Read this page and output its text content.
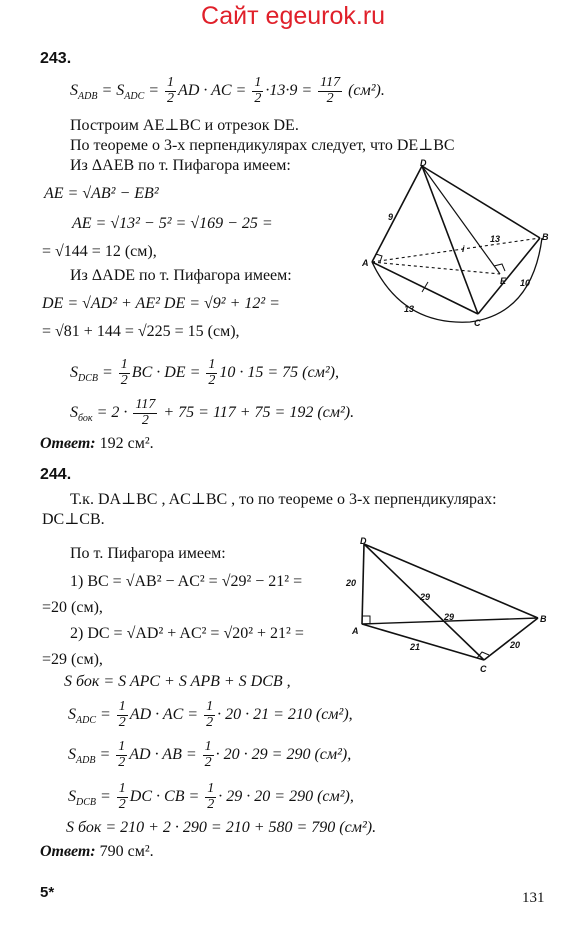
Сайт egeurok.ru
243.
$S_{ADB} = S_{ADC} = \frac{1}{2}$ AD · AC = $\frac{1}{2} \cdot 13\cdot 9 = \frac{117}{2} (см^2)$.
Построим AE⊥BC и отрезок DE.
По теореме о 3-х перпендикулярах следует, что DE⊥BC
Из ΔAEB по т. Пифагора имеем:
AE = √AB² − EB²
AE = √13² − 5² = √169 − 25 =
= √144 = 12 (см),
Из ΔADE по т. Пифагора имеем:
DE = √AD² + AE² DE = √9² + 12² =
= √81 + 144 = √225 = 15 (см),
$S_{DCB} = \frac{1}{2}$ BC · DE = $\frac{1}{2} 10 \cdot 15 = 75$ (см²),
$S_{бок} = 2 \cdot \frac{117}{2} + 75 = 117 + 75 = 192$ (см²).
Ответ: 192 см².
D
A
B
C
E
i
9
13
13
10
244.
Т.к. DA⊥BC , AC⊥BC , то по теореме о 3-х перпендикулярах:
DC⊥CB.
По т. Пифагора имеем:
1) BC = √AB² − AC² = √29² − 21² =
=20 (см),
2) DC = √AD² + AC² = √20² + 21² =
=29 (см),
S бок = S APC + S APB + S DCB ,
$S_{ADC} = \frac{1}{2}$ AD · AC = $\frac{1}{2} \cdot 20 \cdot 21 = 210$ (см²),
$S_{ADB} = \frac{1}{2}$ AD · AB = $\frac{1}{2} \cdot 20 \cdot 29 = 290$ (см²),
$S_{DCB} = \frac{1}{2}$ DC · CB = $\frac{1}{2} \cdot 29 \cdot 20 = 290$ (см²),
S бок = 210 + 2 · 290 = 210 + 580 = 790 (см²).
Ответ: 790 см².
D
A
B
C
20
29
29
21	20
5*	131
